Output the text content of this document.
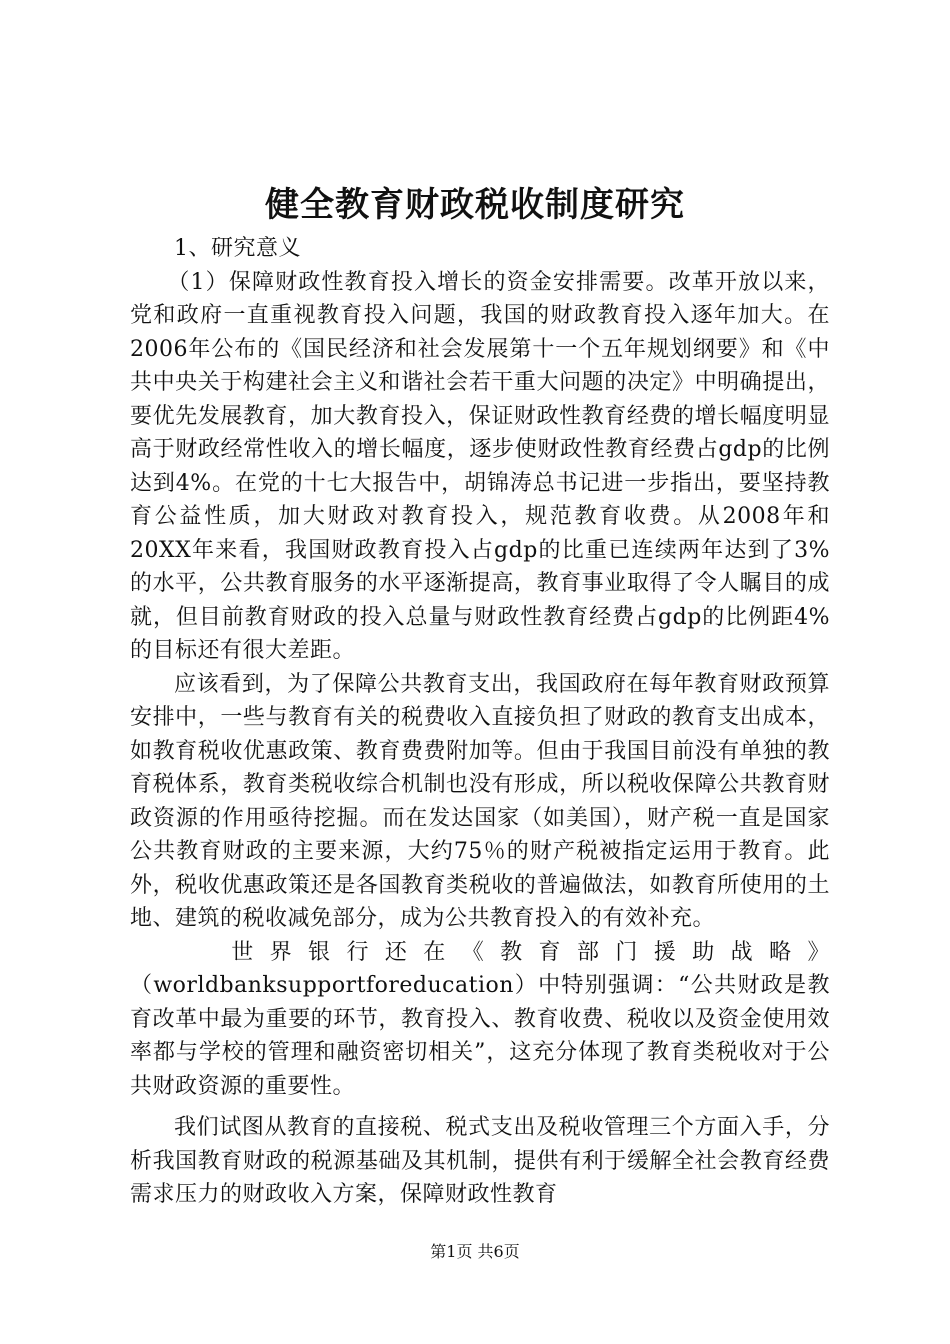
健全教育财政税收制度研究

1、研究意义

（1）保障财政性教育投入增长的资金安排需要。改革开放以来，党和政府一直重视教育投入问题，我国的财政教育投入逐年加大。在2006年公布的《国民经济和社会发展第十一个五年规划纲要》和《中共中央关于构建社会主义和谐社会若干重大问题的决定》中明确提出，要优先发展教育，加大教育投入，保证财政性教育经费的增长幅度明显高于财政经常性收入的增长幅度，逐步使财政性教育经费占gdp的比例达到4%。在党的十七大报告中，胡锦涛总书记进一步指出，要坚持教育公益性质，加大财政对教育投入，规范教育收费。从2008年和20XX年来看，我国财政教育投入占gdp的比重已连续两年达到了3%的水平，公共教育服务的水平逐渐提高，教育事业取得了令人瞩目的成就，但目前教育财政的投入总量与财政性教育经费占gdp的比例距4%的目标还有很大差距。

应该看到，为了保障公共教育支出，我国政府在每年教育财政预算安排中，一些与教育有关的税费收入直接负担了财政的教育支出成本，如教育税收优惠政策、教育费费附加等。但由于我国目前没有单独的教育税体系，教育类税收综合机制也没有形成，所以税收保障公共教育财政资源的作用亟待挖掘。而在发达国家（如美国），财产税一直是国家公共教育财政的主要来源，大约75％的财产税被指定运用于教育。此外，税收优惠政策还是各国教育类税收的普遍做法，如教育所使用的土地、建筑的税收减免部分，成为公共教育投入的有效补充。

世界银行还在《教育部门援助战略》

（worldbanksupportforeducation）中特别强调：“公共财政是教育改革中最为重要的环节，教育投入、教育收费、税收以及资金使用效率都与学校的管理和融资密切相关”，这充分体现了教育类税收对于公共财政资源的重要性。

我们试图从教育的直接税、税式支出及税收管理三个方面入手，分析我国教育财政的税源基础及其机制，提供有利于缓解全社会教育经费需求压力的财政收入方案，保障财政性教育

第1页 共6页
